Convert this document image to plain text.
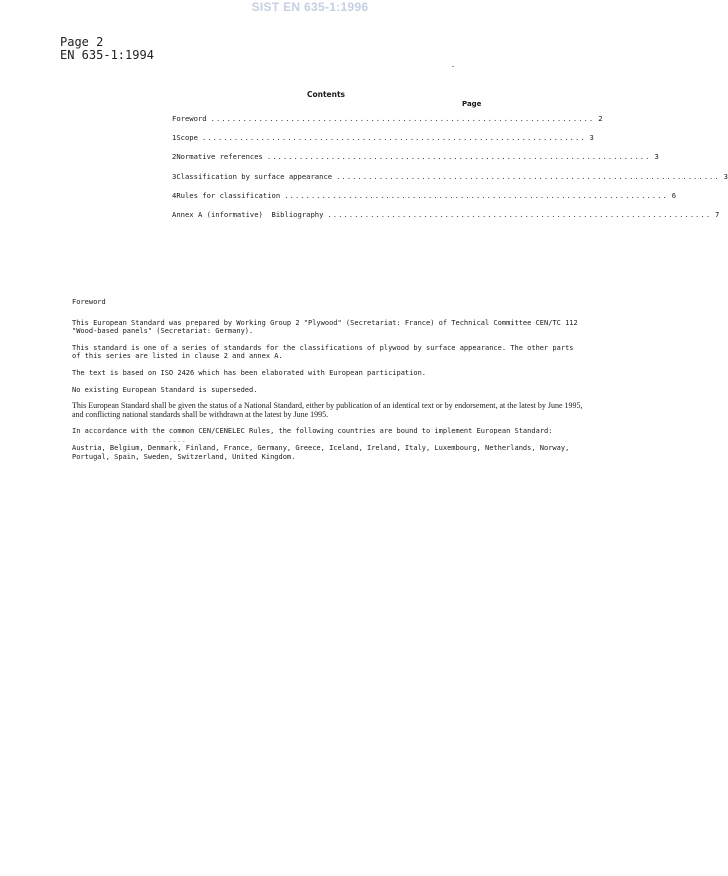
SIST EN 635-1:1996
Page 2
EN 635-1:1994
Contents
Page
Foreword ........................................................................ 2
1 Scope ........................................................................ 3
2 Normative references ........................................................................ 3
3 Classification by surface appearance ........................................................................ 3
4 Rules for classification ........................................................................ 6
Annex A (informative)  Bibliography ........................................................................ 7
Foreword

This European Standard was prepared by Working Group 2 "Plywood" (Secretariat: France) of Technical Committee CEN/TC 112 "Wood-based panels" (Secretariat: Germany).

This standard is one of a series of standards for the classifications of plywood by surface appearance. The other parts of this series are listed in clause 2 and annex A.

The text is based on ISO 2426 which has been elaborated with European participation.

No existing European Standard is superseded.

This European Standard shall be given the status of a National Standard, either by publication of an identical text or by endorsement, at the latest by June 1995, and conflicting national standards shall be withdrawn at the latest by June 1995.

In accordance with the common CEN/CENELEC Rules, the following countries are bound to implement European Standard:

Austria, Belgium, Denmark, Finland, France, Germany, Greece, Iceland, Ireland, Italy, Luxembourg, Netherlands, Norway, Portugal, Spain, Sweden, Switzerland, United Kingdom.

----
